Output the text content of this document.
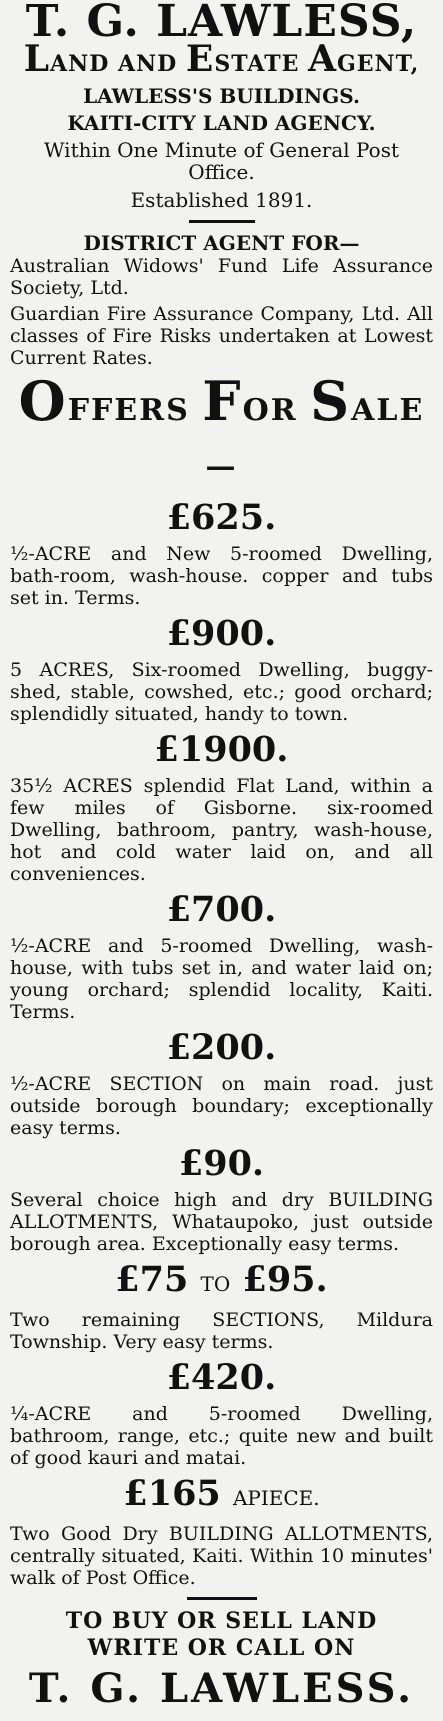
T. G. LAWLESS,
LAND AND ESTATE AGENT,
LAWLESS'S BUILDINGS.
KAITI-CITY LAND AGENCY.
Within One Minute of General Post Office.
Established 1891.
DISTRICT AGENT FOR—

Australian Widows' Fund Life Assurance Society, Ltd.

Guardian Fire Assurance Company, Ltd. All classes of Fire Risks undertaken at Lowest Current Rates.

OFFERS FOR SALE—
£625.

½-ACRE and New 5-roomed Dwelling, bath-room, wash-house. copper and tubs set in. Terms.

£900.

5 ACRES, Six-roomed Dwelling, buggy-shed, stable, cowshed, etc.; good orchard; splendidly situated, handy to town.

£1900.

35½ ACRES splendid Flat Land, within a few miles of Gisborne. six-roomed Dwelling, bathroom, pantry, wash-house, hot and cold water laid on, and all conveniences.

£700.

½-ACRE and 5-roomed Dwelling, wash-house, with tubs set in, and water laid on; young orchard; splendid locality, Kaiti. Terms.

£200.

½-ACRE SECTION on main road. just outside borough boundary; exceptionally easy terms.

£90.

Several choice high and dry BUILDING ALLOTMENTS, Whataupoko, just outside borough area. Exceptionally easy terms.

£75 TO £95.

Two remaining SECTIONS, Mildura Township. Very easy terms.

£420.

¼-ACRE and 5-roomed Dwelling, bathroom, range, etc.; quite new and built of good kauri and matai.

£165 APIECE.

Two Good Dry BUILDING ALLOTMENTS, centrally situated, Kaiti. Within 10 minutes' walk of Post Office.

TO BUY OR SELL LAND WRITE OR CALL ON
T. G. LAWLESS.
